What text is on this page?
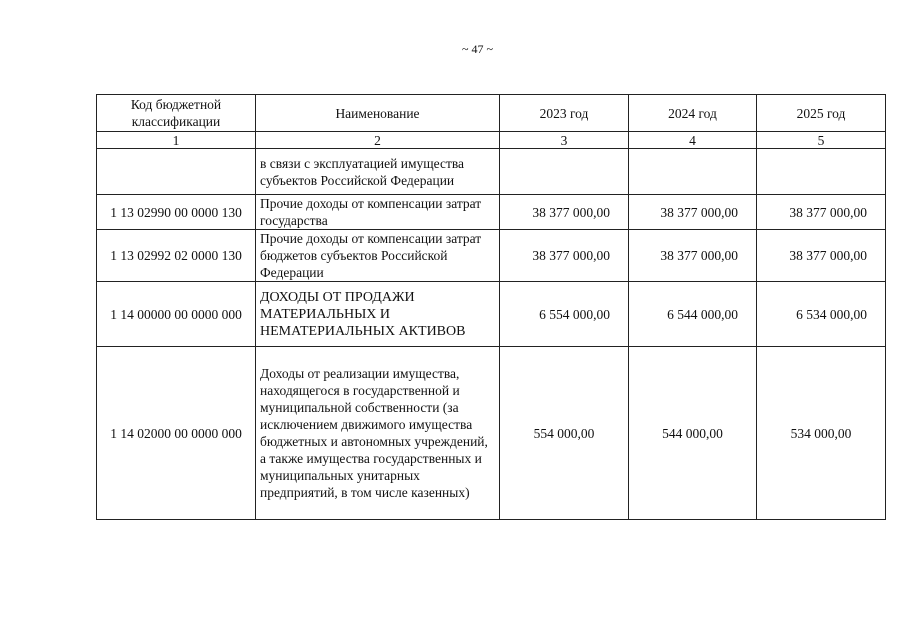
~ 47 ~
Код бюджетной классификации	Наименование	2023 год	2024 год	2025 год
1	2	3	4	5
	в связи с эксплуатацией имущества субъектов Российской Федерации			
1 13 02990 00 0000 130	Прочие доходы от компенсации затрат государства	38 377 000,00	38 377 000,00	38 377 000,00
1 13 02992 02 0000 130	Прочие доходы от компенсации затрат бюджетов субъектов Российской Федерации	38 377 000,00	38 377 000,00	38 377 000,00
1 14 00000 00 0000 000	ДОХОДЫ ОТ ПРОДАЖИ МАТЕРИАЛЬНЫХ И НЕМАТЕРИАЛЬНЫХ АКТИВОВ	6 554 000,00	6 544 000,00	6 534 000,00
1 14 02000 00 0000 000	Доходы от реализации имущества, находящегося в государственной и муниципальной собственности (за исключением движимого имущества бюджетных и автономных учреждений, а также имущества государственных и муниципальных унитарных предприятий, в том числе казенных)	554 000,00	544 000,00	534 000,00
